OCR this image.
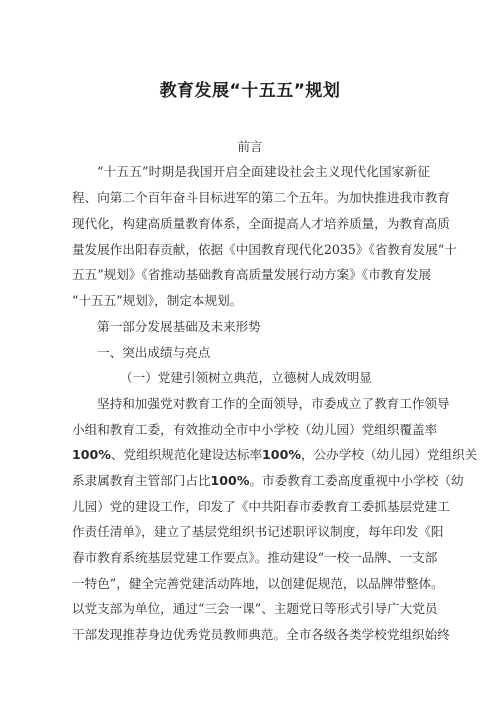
教育发展“十五五”规划
前言
“十五五”时期是我国开启全面建设社会主义现代化国家新征
程、向第二个百年奋斗目标进军的第二个五年。为加快推进我市教育
现代化，构建高质量教育体系，全面提高人才培养质量，为教育高质
量发展作出阳春贡献，依据《中国教育现代化2035》《省教育发展“十
五五”规划》《省推动基础教育高质量发展行动方案》《市教育发展
“十五五”规划》，制定本规划。
第一部分发展基础及未来形势
一、突出成绩与亮点
（一）党建引领树立典范，立德树人成效明显
坚持和加强党对教育工作的全面领导，市委成立了教育工作领导
小组和教育工委，有效推动全市中小学校（幼儿园）党组织覆盖率
100%、党组织规范化建设达标率100%，公办学校（幼儿园）党组织关
系隶属教育主管部门占比100%。市委教育工委高度重视中小学校（幼
儿园）党的建设工作，印发了《中共阳春市委教育工委抓基层党建工
作责任清单》，建立了基层党组织书记述职评议制度，每年印发《阳
春市教育系统基层党建工作要点》。推动建设“一校一品牌、一支部
一特色”，健全完善党建活动阵地，以创建促规范，以品牌带整体。
以党支部为单位，通过“三会一课”、主题党日等形式引导广大党员
干部发现推荐身边优秀党员教师典范。全市各级各类学校党组织始终
